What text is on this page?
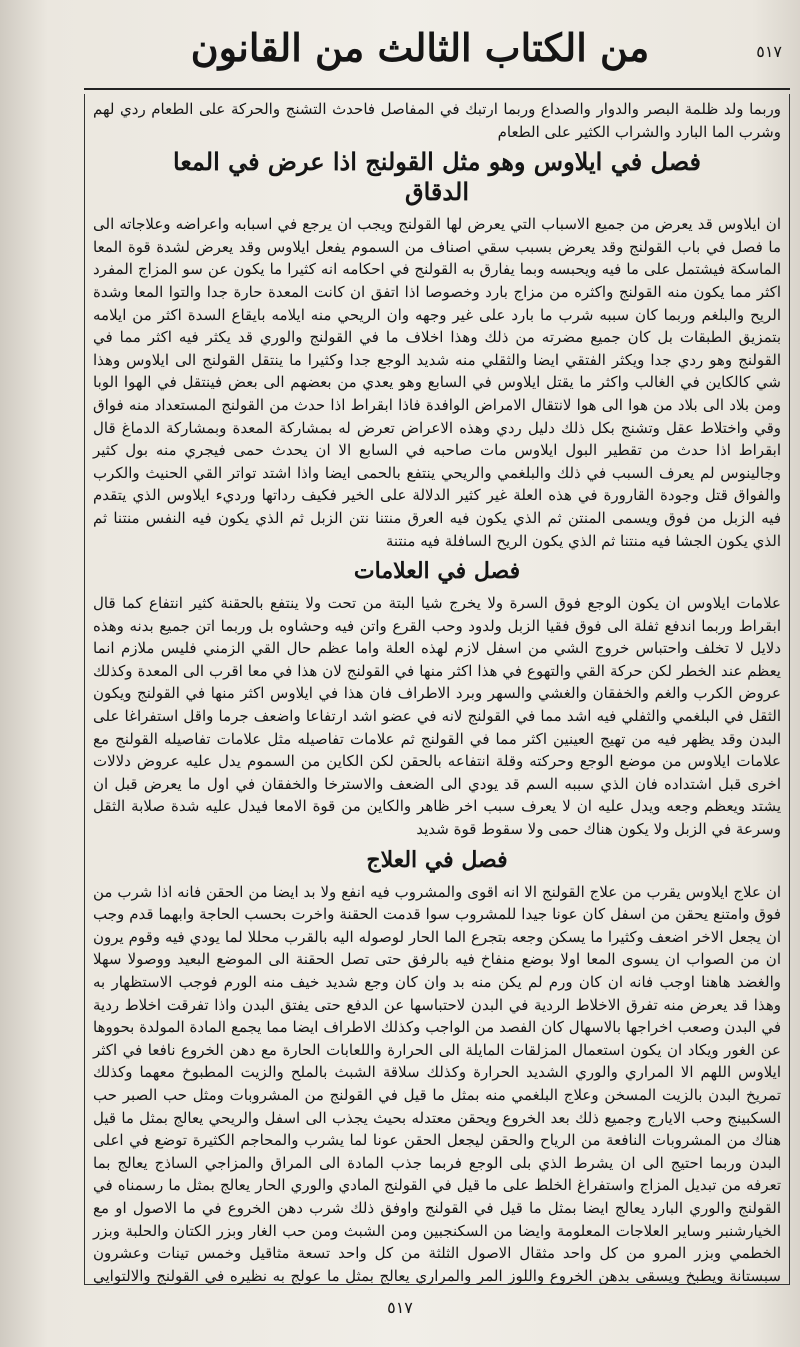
من الكتاب الثالث من القانون	٥١٧

وربما ولد ظلمة البصر والدوار والصداع وربما ارتبك في المفاصل فاحدث التشنج والحركة على الطعام ردي لهم وشرب الما البارد والشراب الكثير على الطعام

فصل في ايلاوس وهو مثل القولنج اذا عرض في المعا
الدقاق

ان ايلاوس قد يعرض من جميع الاسباب التي يعرض لها القولنج ويجب ان يرجع في اسبابه واعراضه وعلاجاته الى ما فصل في باب القولنج وقد يعرض بسبب سقي اصناف من السموم يفعل ايلاوس وقد يعرض لشدة قوة المعا الماسكة فيشتمل على ما فيه ويحبسه وبما يفارق به القولنج في احكامه انه كثيرا ما يكون عن سو المزاج المفرد اكثر مما يكون منه القولنج واكثره من مزاج بارد وخصوصا اذا اتفق ان كانت المعدة حارة جدا والتوا المعا وشدة الريح والبلغم وربما كان سببه شرب ما بارد على غير وجهه وان الريحي منه ايلامه بايقاع السدة اكثر من ايلامه بتمزيق الطبقات بل كان جميع مضرته من ذلك وهذا اخلاف ما في القولنج والوري قد يكثر فيه اكثر مما في القولنج وهو ردي جدا ويكثر الفتقي ايضا والثقلي منه شديد الوجع جدا وكثيرا ما ينتقل القولنج الى ايلاوس وهذا شي كالكاين في الغالب واكثر ما يقتل ايلاوس في السابع وهو يعدي من بعضهم الى بعض فينتقل في الهوا الوبا ومن بلاد الى بلاد من هوا الى هوا لانتقال الامراض الوافدة فاذا ابقراط اذا حدث من القولنج المستعداد منه فواق وقي واختلاط عقل وتشنج بكل ذلك دليل ردي وهذه الاعراض تعرض له بمشاركة المعدة وبمشاركة الدماغ قال ابقراط اذا حدث من تقطير البول ايلاوس مات صاحبه في السابع الا ان يحدث حمى فيجري منه بول كثير وجالينوس لم يعرف السبب في ذلك والبلغمي والريحي ينتفع بالحمى ايضا واذا اشتد تواتر القي الحنيث والكرب والفواق قتل وجودة القارورة في هذه العلة غير كثير الدلالة على الخير فكيف رداتها ورديء ايلاوس الذي يتقدم فيه الزبل من فوق ويسمى المنتن ثم الذي يكون فيه العرق منتنا نتن الزبل ثم الذي يكون فيه النفس منتنا ثم الذي يكون الجشا فيه منتنا ثم الذي يكون الريح السافلة فيه منتنة

فصل في العلامات

علامات ايلاوس ان يكون الوجع فوق السرة ولا يخرج شيا البتة من تحت ولا ينتفع بالحقنة كثير انتفاع كما قال ابقراط وربما اندفع ثفلة الى فوق فقيا الزبل ولدود وحب القرع واتن فيه وحشاوه بل وربما اتن جميع بدنه وهذه دلايل لا تخلف واحتباس خروج الشي من اسفل لازم لهذه العلة واما عظم حال القي الزمني فليس ملازم انما يعظم عند الخطر لكن حركة القي والتهوع في هذا اكثر منها في القولنج لان هذا في معا اقرب الى المعدة وكذلك عروض الكرب والغم والخفقان والغشي والسهر وبرد الاطراف فان هذا في ايلاوس اكثر منها في القولنج ويكون الثقل في البلغمي والثفلي فيه اشد مما في القولنج لانه في عضو اشد ارتفاعا واضعف جرما واقل استفراغا على البدن وقد يظهر فيه من تهيج العينين اكثر مما في القولنج ثم علامات تفاصيله مثل علامات تفاصيله القولنج مع علامات ايلاوس من موضع الوجع وحركته وقلة انتفاعه بالحقن لكن الكاين من السموم يدل عليه عروض دلالات اخرى قبل اشتداده فان الذي سببه السم قد يودي الى الضعف والاسترخا والخفقان في اول ما يعرض قبل ان يشتد ويعظم وجعه ويدل عليه ان لا يعرف سبب اخر ظاهر والكاين من قوة الامعا فيدل عليه شدة صلابة الثقل وسرعة في الزبل ولا يكون هناك حمى ولا سقوط قوة شديد

فصل في العلاج

ان علاج ايلاوس يقرب من علاج القولنج الا انه اقوى والمشروب فيه انفع ولا بد ايضا من الحقن فانه اذا شرب من فوق وامتنع يحقن من اسفل كان عونا جيدا للمشروب سوا قدمت الحقنة واخرت بحسب الحاجة وابهما قدم وجب ان يجعل الاخر اضعف وكثيرا ما يسكن وجعه بتجرع الما الحار لوصوله اليه بالقرب محللا لما يودي فيه وقوم يرون ان من الصواب ان يسوى المعا اولا بوضع منفاخ فيه بالرفق حتى تصل الحقنة الى الموضع البعيد ووصولا سهلا والغضد هاهنا اوجب فانه ان كان ورم لم يكن منه بد وان كان وجع شديد خيف منه الورم فوجب الاستظهار به وهذا قد يعرض منه تفرق الاخلاط الردية في البدن لاحتباسها عن الدفع حتى يفتق البدن واذا تفرقت اخلاط ردية في البدن وصعب اخراجها بالاسهال كان الفصد من الواجب وكذلك الاطراف ايضا مما يجمع المادة المولدة بحووها عن الغور ويكاد ان يكون استعمال المزلقات المايلة الى الحرارة واللعابات الحارة مع دهن الخروع نافعا في اكثر ايلاوس اللهم الا المراري والوري الشديد الحرارة وكذلك سلاقة الشبث بالملح والزيت المطبوخ معهما وكذلك تمريخ البدن بالزيت المسخن وعلاج البلغمي منه بمثل ما قيل في القولنج من المشروبات ومثل حب الصبر حب السكبينج وحب الايارج وجميع ذلك بعد الخروع ويحقن معتدله بحيث يجذب الى اسفل والريحي يعالج بمثل ما قيل هناك من المشروبات النافعة من الرياح والحقن ليجعل الحقن عونا لما يشرب والمحاجم الكثيرة توضع في اعلى البدن وربما احتيج الى ان يشرط الذي بلى الوجع فربما جذب المادة الى المراق والمزاجي الساذج يعالج بما تعرفه من تبديل المزاج واستفراغ الخلط على ما قيل في القولنج المادي والوري الحار يعالج بمثل ما رسمناه في القولنج والوري البارد يعالج ايضا بمثل ما قيل في القولنج واوفق ذلك شرب دهن الخروع في ما الاصول او مع الخيارشنبر وساير العلاجات المعلومة وايضا من السكنجبين ومن الشبث ومن حب الغار وبزر الكتان والحلبة وبزر الخطمي وبزر المرو من كل واحد مثقال الاصول الثلثة من كل واحد تسعة مثاقيل وخمس تينات وعشرون سبستانة ويطبخ ويسقى بدهن الخروع واللوز المر والمراري يعالج بمثل ما عولج به نظيره في القولنج والالتوايي

٥١٧
